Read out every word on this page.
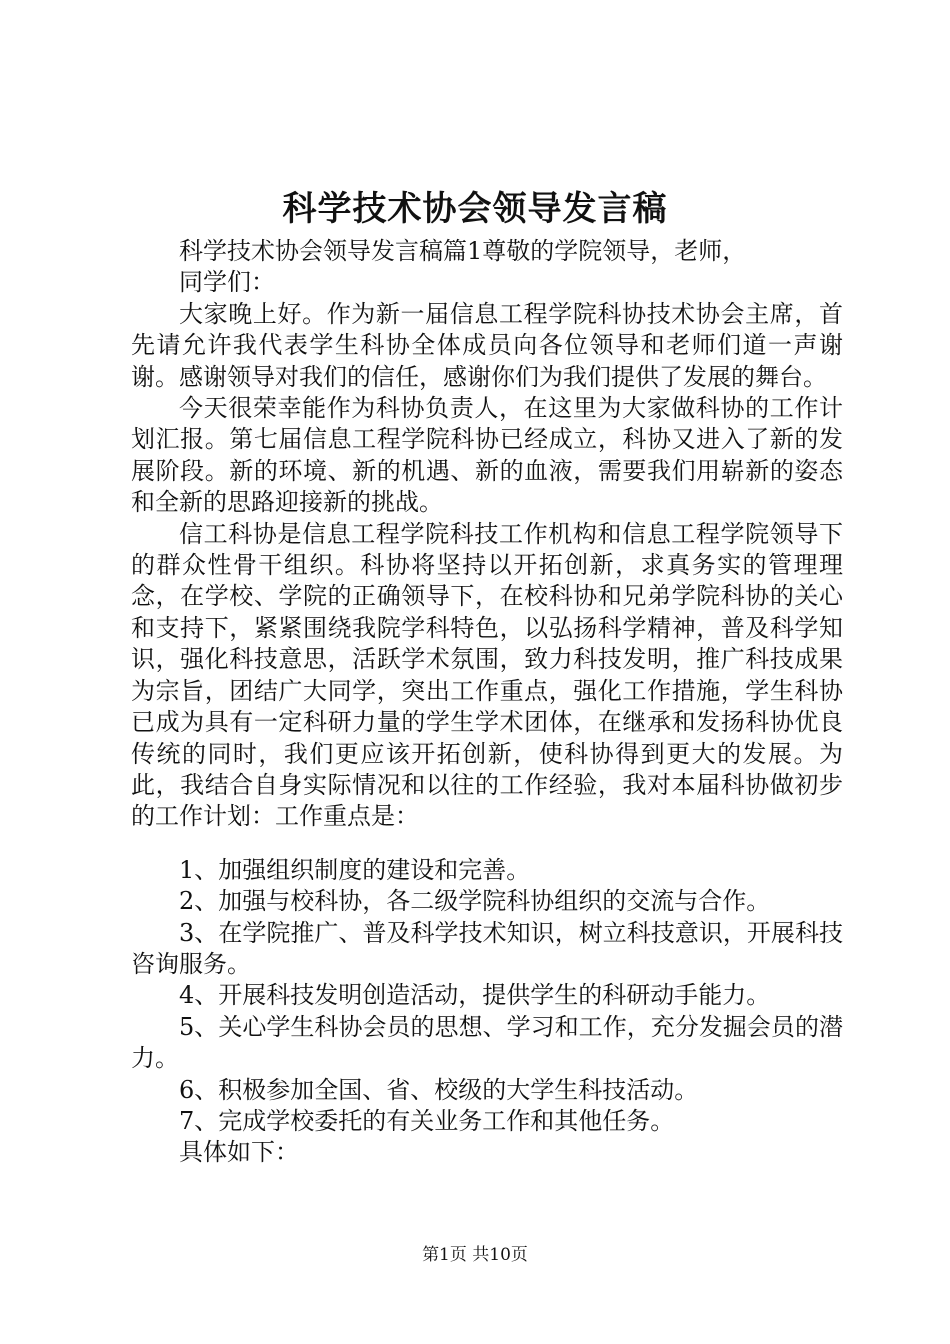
科学技术协会领导发言稿

科学技术协会领导发言稿篇1尊敬的学院领导，老师，

同学们：

大家晚上好。作为新一届信息工程学院科协技术协会主席，首先请允许我代表学生科协全体成员向各位领导和老师们道一声谢谢。感谢领导对我们的信任，感谢你们为我们提供了发展的舞台。

今天很荣幸能作为科协负责人，在这里为大家做科协的工作计划汇报。第七届信息工程学院科协已经成立，科协又进入了新的发展阶段。新的环境、新的机遇、新的血液，需要我们用崭新的姿态和全新的思路迎接新的挑战。

信工科协是信息工程学院科技工作机构和信息工程学院领导下的群众性骨干组织。科协将坚持以开拓创新，求真务实的管理理念，在学校、学院的正确领导下，在校科协和兄弟学院科协的关心和支持下，紧紧围绕我院学科特色，以弘扬科学精神，普及科学知识，强化科技意思，活跃学术氛围，致力科技发明，推广科技成果为宗旨，团结广大同学，突出工作重点，强化工作措施，学生科协已成为具有一定科研力量的学生学术团体，在继承和发扬科协优良传统的同时，我们更应该开拓创新，使科协得到更大的发展。为此，我结合自身实际情况和以往的工作经验，我对本届科协做初步的工作计划：工作重点是：

1、加强组织制度的建设和完善。

2、加强与校科协，各二级学院科协组织的交流与合作。

3、在学院推广、普及科学技术知识，树立科技意识，开展科技咨询服务。

4、开展科技发明创造活动，提供学生的科研动手能力。

5、关心学生科协会员的思想、学习和工作，充分发掘会员的潜力。

6、积极参加全国、省、校级的大学生科技活动。

7、完成学校委托的有关业务工作和其他任务。

具体如下：

第1页 共10页
